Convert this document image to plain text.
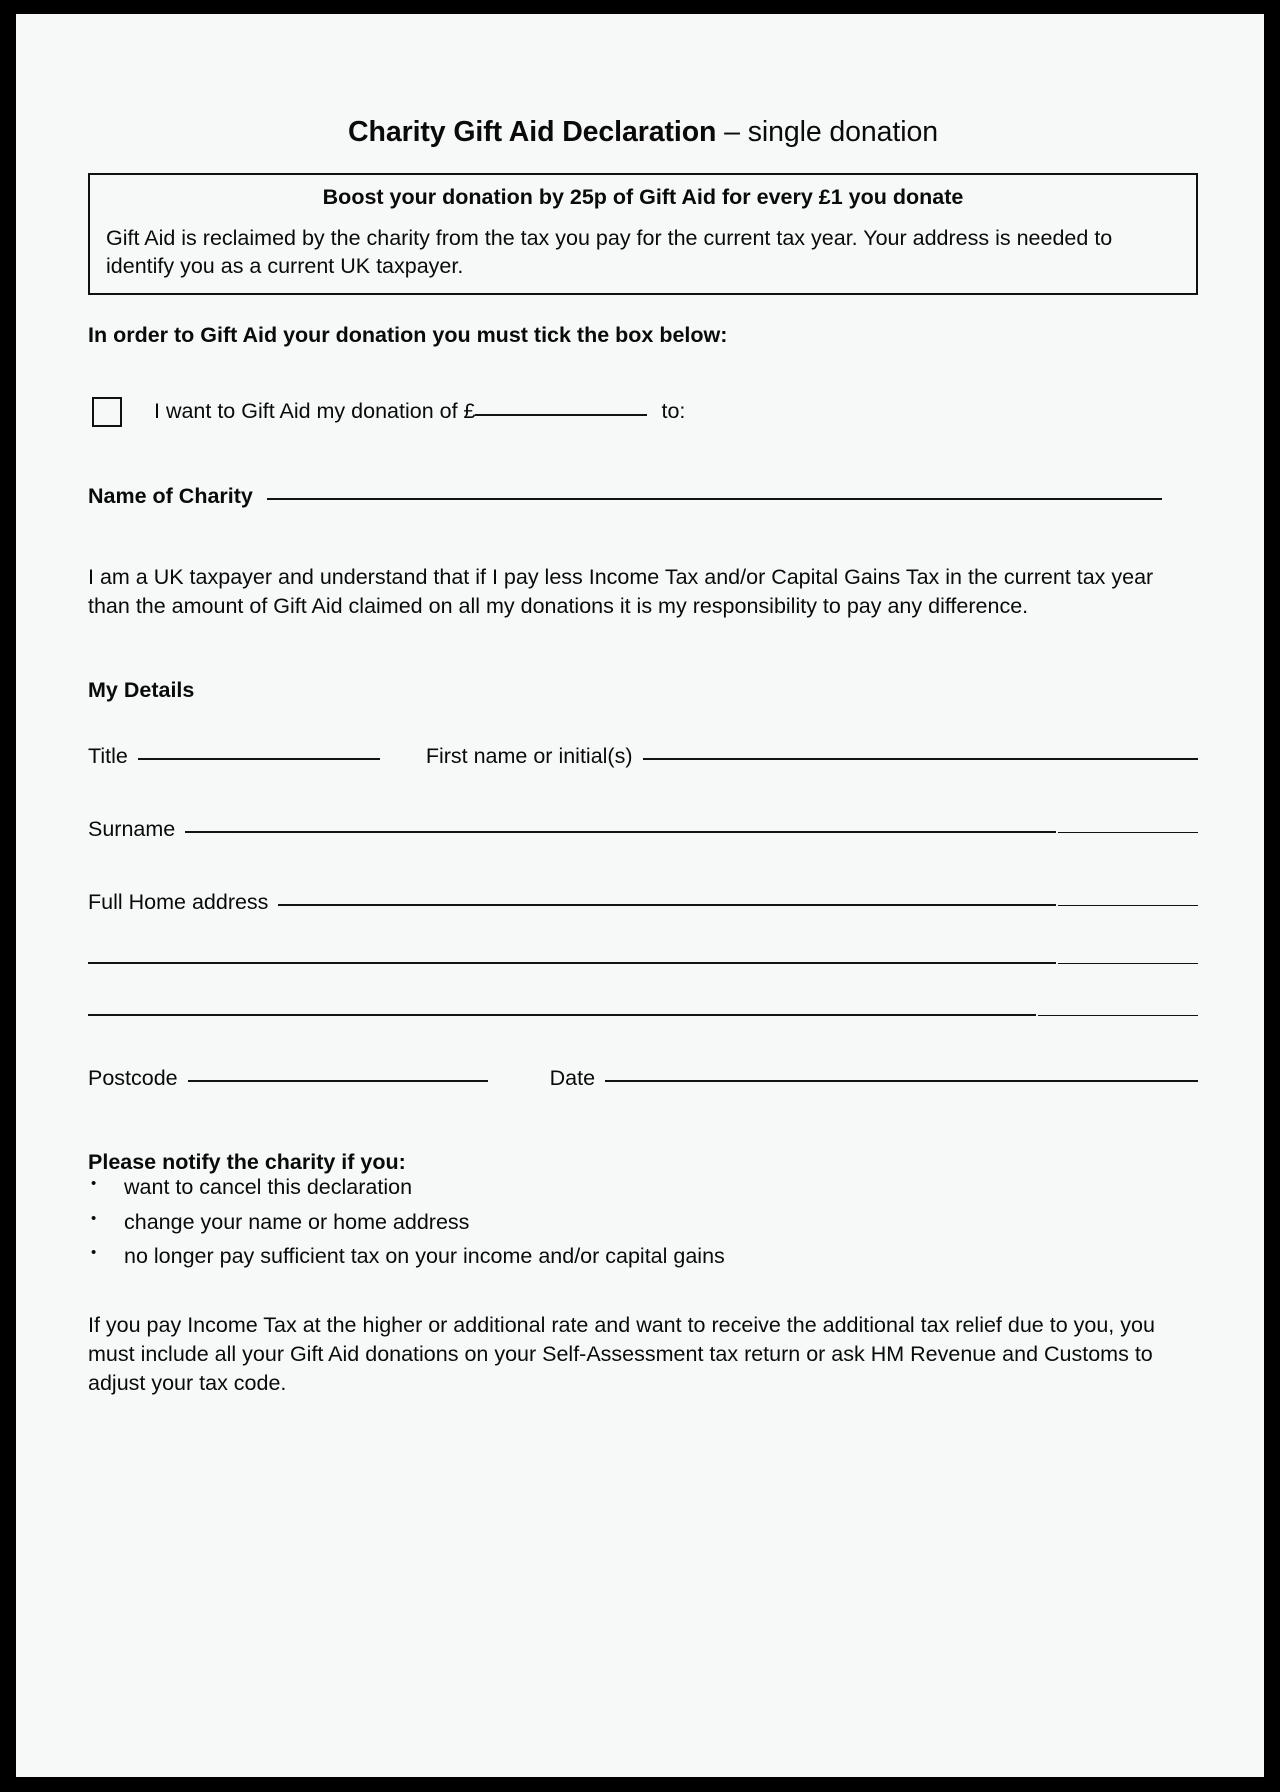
Charity Gift Aid Declaration – single donation
Boost your donation by 25p of Gift Aid for every £1 you donate
Gift Aid is reclaimed by the charity from the tax you pay for the current tax year. Your address is needed to identify you as a current UK taxpayer.
In order to Gift Aid your donation you must tick the box below:
I want to Gift Aid my donation of £	to:
Name of Charity
I am a UK taxpayer and understand that if I pay less Income Tax and/or Capital Gains Tax in the current tax year than the amount of Gift Aid claimed on all my donations it is my responsibility to pay any difference.
My Details
Title	First name or initial(s)
Surname
Full Home address
Postcode	Date
Please notify the charity if you:
• want to cancel this declaration
• change your name or home address
• no longer pay sufficient tax on your income and/or capital gains
If you pay Income Tax at the higher or additional rate and want to receive the additional tax relief due to you, you must include all your Gift Aid donations on your Self-Assessment tax return or ask HM Revenue and Customs to adjust your tax code.
